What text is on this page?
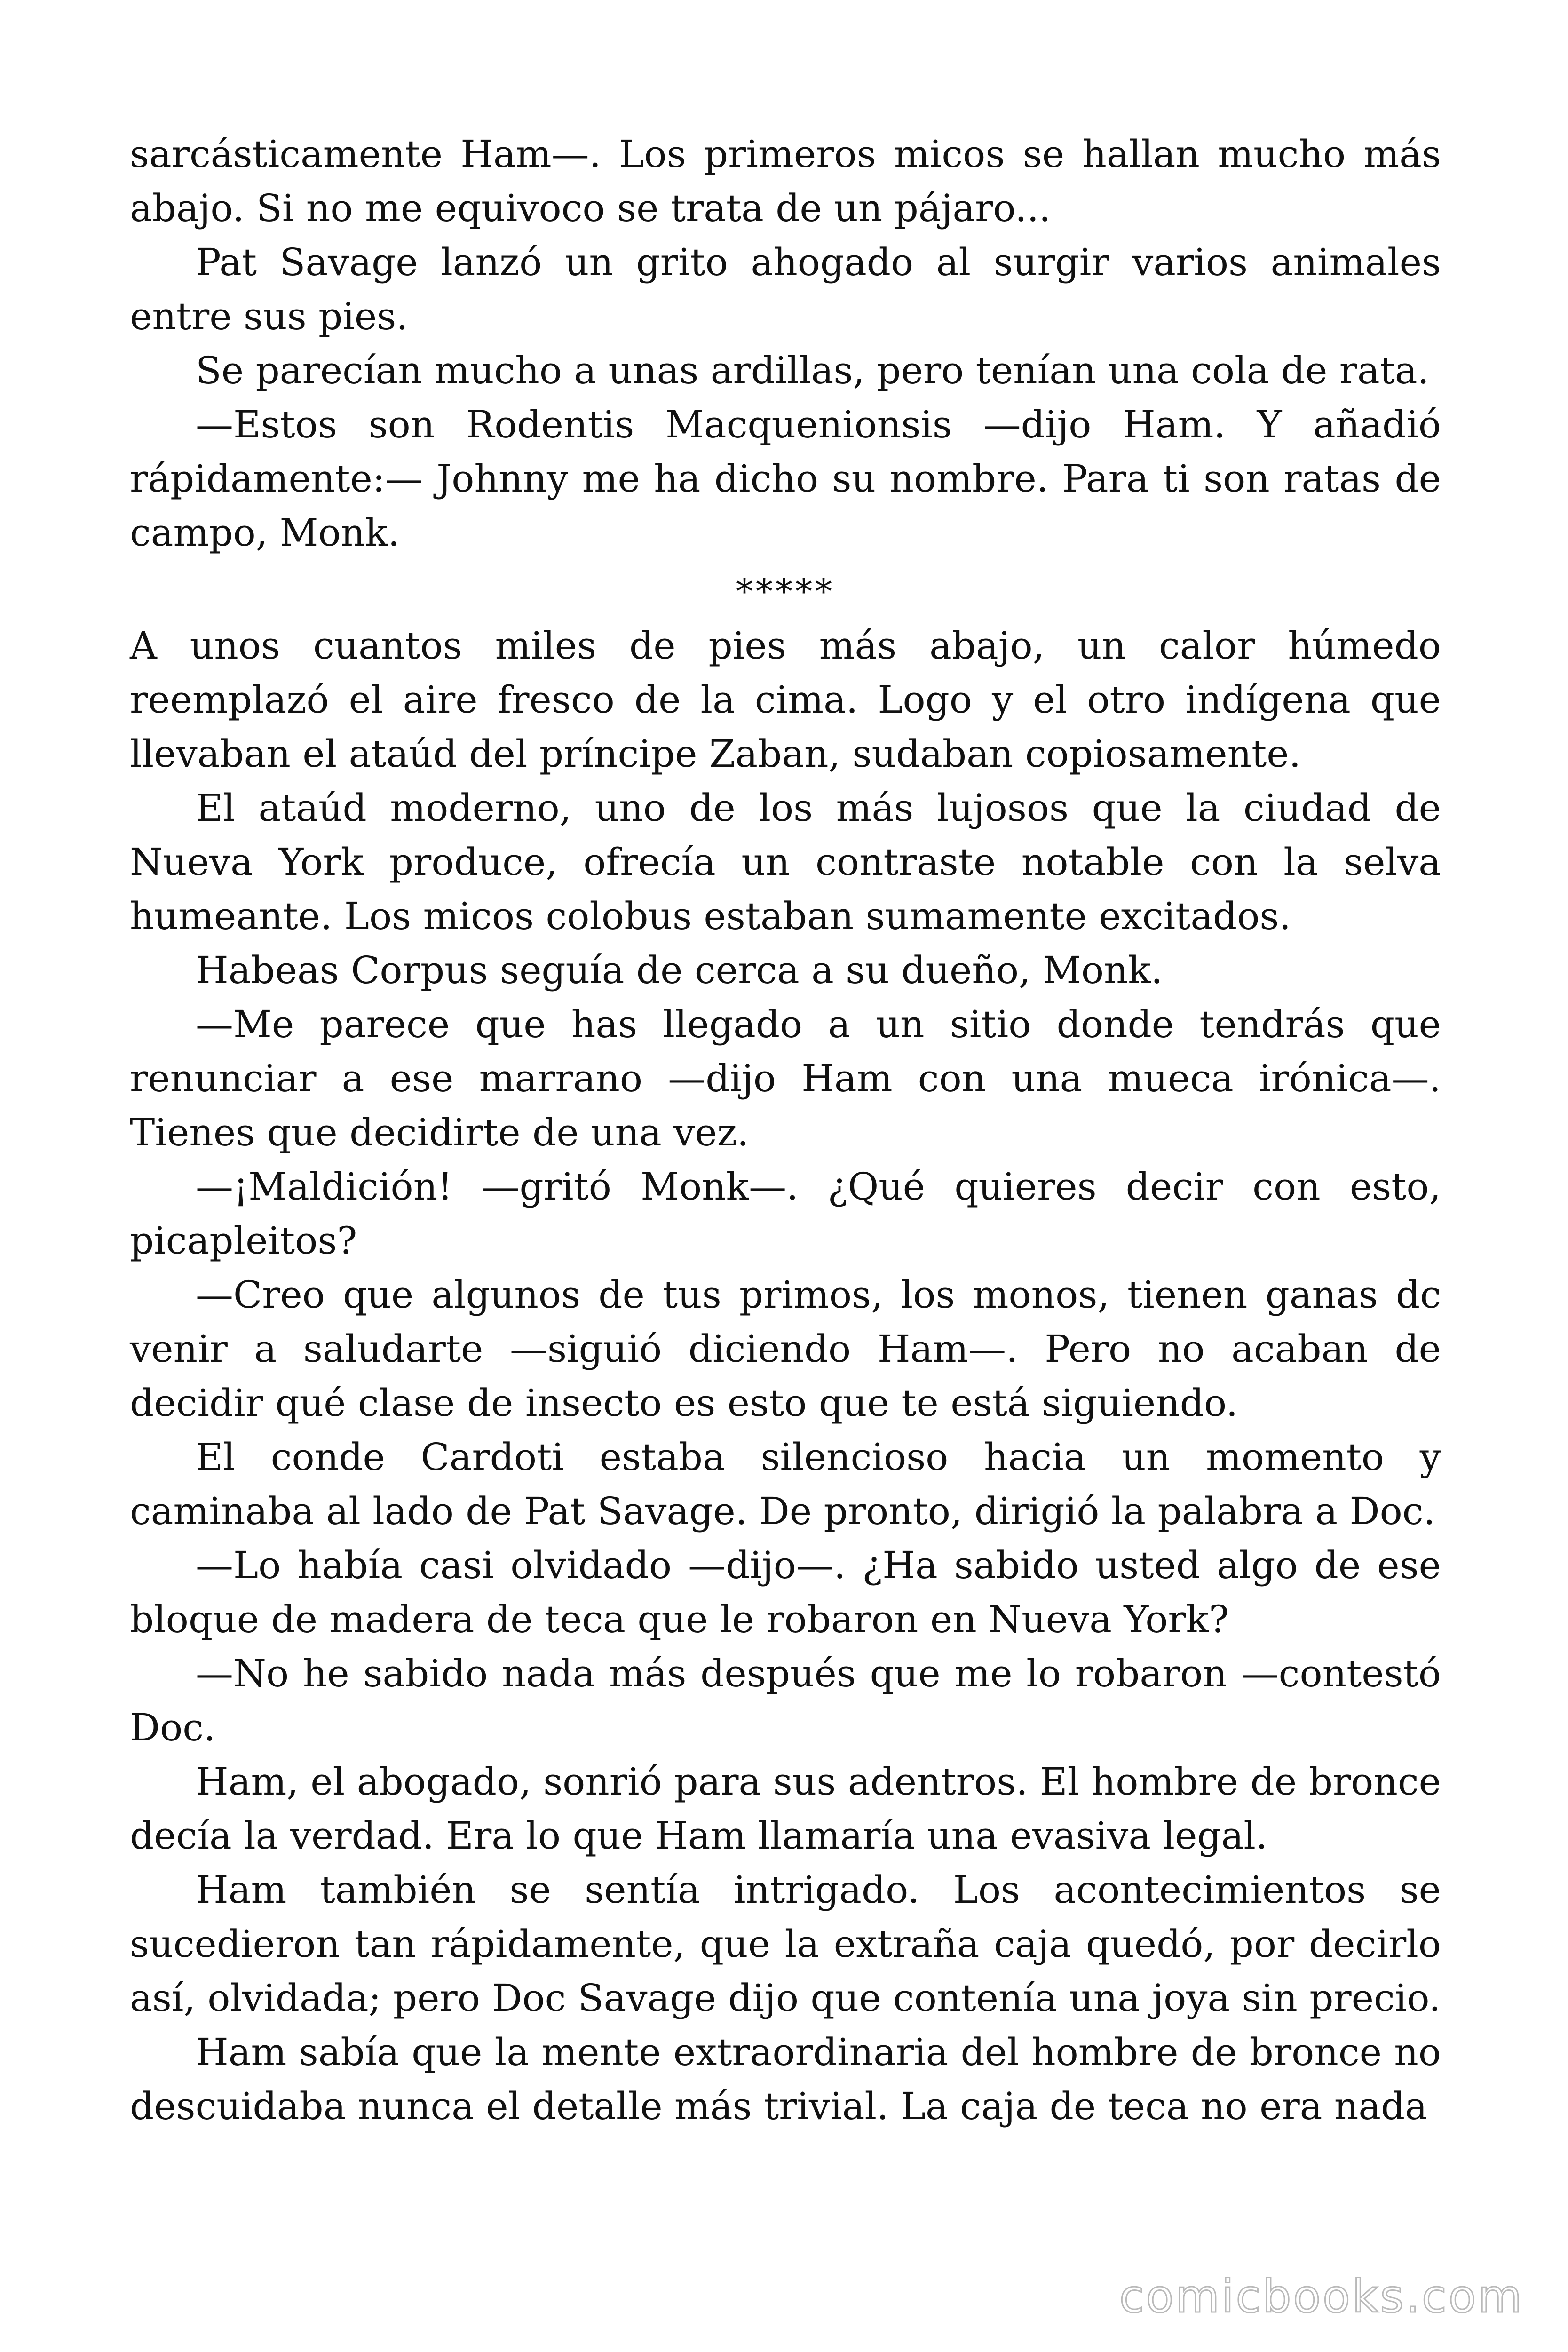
sarcásticamente Ham—. Los primeros micos se hallan mucho más abajo. Si no me equivoco se trata de un pájaro...

Pat Savage lanzó un grito ahogado al surgir varios animales entre sus pies.

Se parecían mucho a unas ardillas, pero tenían una cola de rata.

—Estos son Rodentis Macquenionsis —dijo Ham. Y añadió rápidamente:— Johnny me ha dicho su nombre. Para ti son ratas de campo, Monk.

*****

A unos cuantos miles de pies más abajo, un calor húmedo reemplazó el aire fresco de la cima. Logo y el otro indígena que llevaban el ataúd del príncipe Zaban, sudaban copiosamente.

El ataúd moderno, uno de los más lujosos que la ciudad de Nueva York produce, ofrecía un contraste notable con la selva humeante. Los micos colobus estaban sumamente excitados.

Habeas Corpus seguía de cerca a su dueño, Monk.

—Me parece que has llegado a un sitio donde tendrás que renunciar a ese marrano —dijo Ham con una mueca irónica—. Tienes que decidirte de una vez.

—¡Maldición! —gritó Monk—. ¿Qué quieres decir con esto, picapleitos?

—Creo que algunos de tus primos, los monos, tienen ganas dc venir a saludarte —siguió diciendo Ham—. Pero no acaban de decidir qué clase de insecto es esto que te está siguiendo.

El conde Cardoti estaba silencioso hacia un momento y caminaba al lado de Pat Savage. De pronto, dirigió la palabra a Doc.

—Lo había casi olvidado —dijo—. ¿Ha sabido usted algo de ese bloque de madera de teca que le robaron en Nueva York?

—No he sabido nada más después que me lo robaron —contestó Doc.

Ham, el abogado, sonrió para sus adentros. El hombre de bronce decía la verdad. Era lo que Ham llamaría una evasiva legal.

Ham también se sentía intrigado. Los acontecimientos se sucedieron tan rápidamente, que la extraña caja quedó, por decirlo así, olvidada; pero Doc Savage dijo que contenía una joya sin precio.

Ham sabía que la mente extraordinaria del hombre de bronce no descuidaba nunca el detalle más trivial. La caja de teca no era nada

comicbooks.com
